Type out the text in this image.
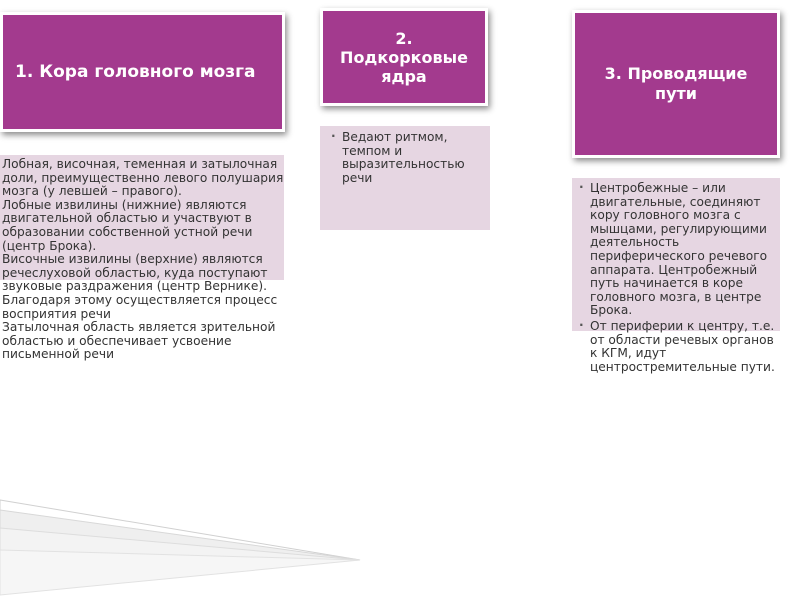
1. Кора головного мозга
2.
Подкорковые
ядра	3. Проводящие
пути

Лобная, височная, теменная и затылочная доли, преимущественно левого полушария мозга (у левшей – правого).

Лобные извилины (нижние) являются двигательной областью и участвуют в образовании собственной устной речи (центр Брока).

Височные извилины (верхние) являются речеслуховой областью, куда поступают звуковые раздражения (центр Вернике). Благодаря этому осуществляется процесс восприятия речи

Затылочная область является зрительной областью и обеспечивает усвоение письменной речи

· Ведают ритмом, темпом и выразительностью речи

· Центробежные – или двигательные, соединяют кору головного мозга с мышцами, регулирующими деятельность периферического речевого аппарата. Центробежный путь начинается в коре головного мозга, в центре Брока.

· От периферии к центру, т.е. от области речевых органов к КГМ, идут центростремительные пути.
